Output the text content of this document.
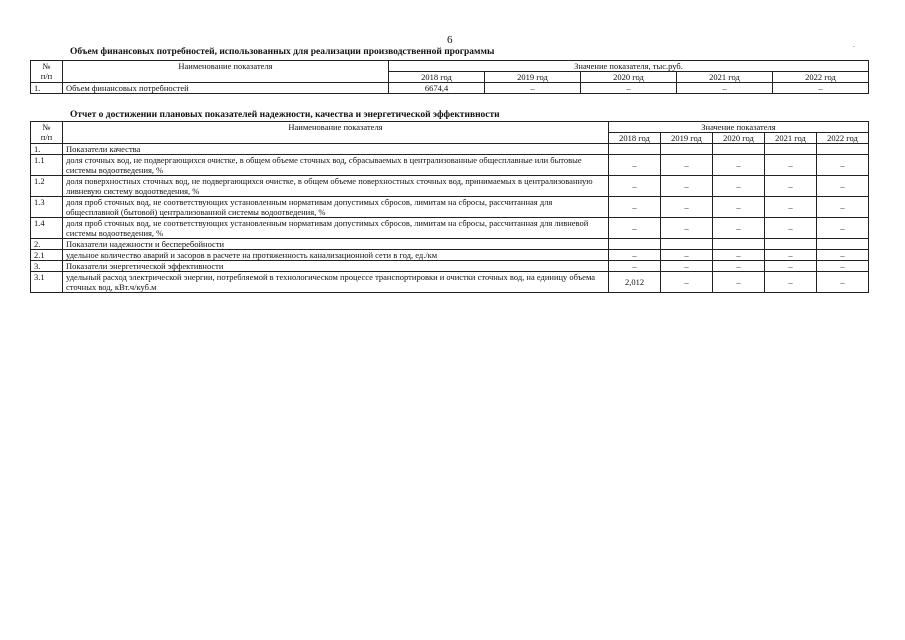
6	.
Объем финансовых потребностей, использованных для реализации производственной программы
№
п/п	Наименование показателя	Значение показателя, тыс.руб.				
		2018 год	2019 год	2020 год	2021 год	2022 год
1.	Объем финансовых потребностей	6674,4	–	–	–	–
Отчет о достижении плановых показателей надежности, качества и энергетической эффективности
№
п/п	Наименование показателя	Значение показателя				
		2018 год	2019 год	2020 год	2021 год	2022 год
1.	Показатели качества					
1.1	доля сточных вод, не подвергающихся очистке, в общем объеме сточных вод, сбрасываемых в централизованные общесплавные или бытовые системы водоотведения, %	–	–	–	–	–
1.2	доля поверхностных сточных вод, не подвергающихся очистке, в общем объеме поверхностных сточных вод, принимаемых в централизованную ливневую систему водоотведения, %	–	–	–	–	–
1.3	доля проб сточных вод, не соответствующих установленным нормативам допустимых сбросов, лимитам на сбросы, рассчитанная для общесплавной (бытовой) централизованной системы водоотведения, %	–	–	–	–	–
1.4	доля проб сточных вод, не соответствующих установленным нормативам допустимых сбросов, лимитам на сбросы, рассчитанная для ливневой системы водоотведения, %	–	–	–	–	–
2.	Показатели надежности и бесперебойности					
2.1	удельное количество аварий и засоров в расчете на протяженность канализационной сети в год, ед./км	–	–	–	–	–
3.	Показатели энергетической эффективности	–	–	–	–	–
3.1	удельный расход электрической энергии, потребляемой в технологическом процессе транспортировки и очистки сточных вод, на единицу объема сточных вод, кВт.ч/куб.м	2,012	–	–	–	–
